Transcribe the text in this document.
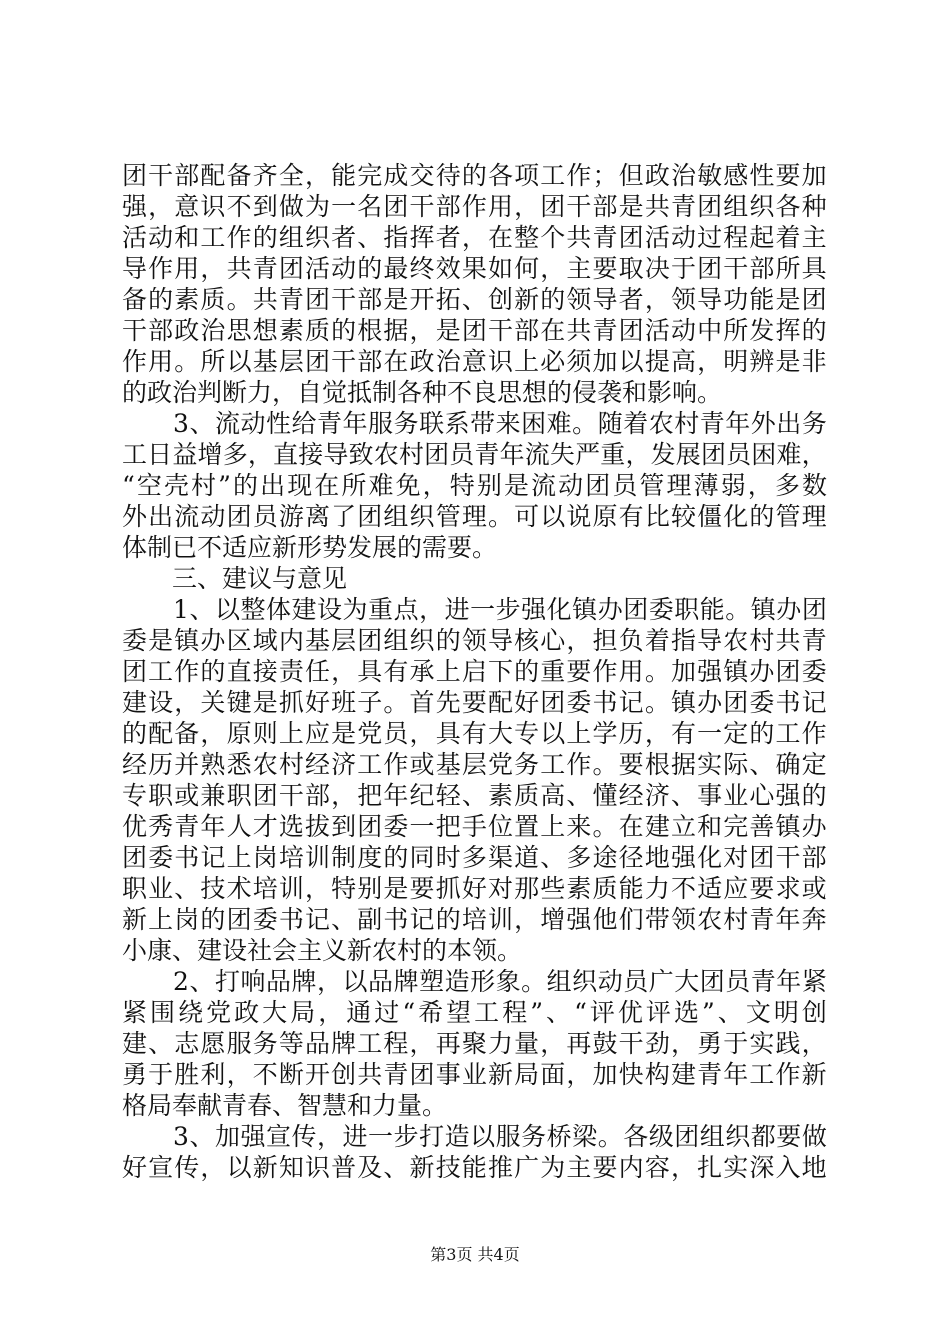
团 干 部 配 备 齐 全 ， 能 完 成 交 待 的 各 项 工 作 ； 但 政 治 敏 感 性 要 加
强 ， 意 识 不 到 做 为 一 名 团 干 部 作 用 ， 团 干 部 是 共 青 团 组 织 各 种
活 动 和 工 作 的 组 织 者 、 指 挥 者 ， 在 整 个 共 青 团 活 动 过 程 起 着 主
导 作 用 ， 共 青 团 活 动 的 最 终 效 果 如 何 ， 主 要 取 决 于 团 干 部 所 具
备 的 素 质 。 共 青 团 干 部 是 开 拓 、 创 新 的 领 导 者 ， 领 导 功 能 是 团
干 部 政 治 思 想 素 质 的 根 据 ， 是 团 干 部 在 共 青 团 活 动 中 所 发 挥 的
作 用 。 所 以 基 层 团 干 部 在 政 治 意 识 上 必 须 加 以 提 高 ， 明 辨 是 非
的政治判断力，自觉抵制各种不良思想的侵袭和影响。

3 、 流 动 性 给 青 年 服 务 联 系 带 来 困 难 。 随 着 农 村 青 年 外 出 务
工 日 益 增 多 ， 直 接 导 致 农 村 团 员 青 年 流 失 严 重 ， 发 展 团 员 困 难 ，
“ 空 壳 村 ” 的 出 现 在 所 难 免 ， 特 别 是 流 动 团 员 管 理 薄 弱 ， 多 数
外 出 流 动 团 员 游 离 了 团 组 织 管 理 。 可 以 说 原 有 比 较 僵 化 的 管 理
体制已不适应新形势发展的需要。
　　三、建议与意见

1 、 以 整 体 建 设 为 重 点 ， 进 一 步 强 化 镇 办 团 委 职 能 。 镇 办 团
委 是 镇 办 区 域 内 基 层 团 组 织 的 领 导 核 心 ， 担 负 着 指 导 农 村 共 青
团 工 作 的 直 接 责 任 ， 具 有 承 上 启 下 的 重 要 作 用 。 加 强 镇 办 团 委
建 设 ， 关 键 是 抓 好 班 子 。 首 先 要 配 好 团 委 书 记 。 镇 办 团 委 书 记
的 配 备 ， 原 则 上 应 是 党 员 ， 具 有 大 专 以 上 学 历 ， 有 一 定 的 工 作
经 历 并 熟 悉 农 村 经 济 工 作 或 基 层 党 务 工 作 。 要 根 据 实 际 、 确 定
专 职 或 兼 职 团 干 部 ， 把 年 纪 轻 、 素 质 高 、 懂 经 济 、 事 业 心 强 的
优 秀 青 年 人 才 选 拔 到 团 委 一 把 手 位 置 上 来 。 在 建 立 和 完 善 镇 办
团 委 书 记 上 岗 培 训 制 度 的 同 时 多 渠 道 、 多 途 径 地 强 化 对 团 干 部
职 业 、 技 术 培 训 ， 特 别 是 要 抓 好 对 那 些 素 质 能 力 不 适 应 要 求 或
新 上 岗 的 团 委 书 记 、 副 书 记 的 培 训 ， 增 强 他 们 带 领 农 村 青 年 奔
小康、建设社会主义新农村的本领。

2 、 打 响 品 牌 ， 以 品 牌 塑 造 形 象 。 组 织 动 员 广 大 团 员 青 年 紧
紧 围 绕 党 政 大 局 ， 通 过 “ 希 望 工 程 ” 、 “ 评 优 评 选 ” 、 文 明 创
建 、 志 愿 服 务 等 品 牌 工 程 ， 再 聚 力 量 ， 再 鼓 干 劲 ， 勇 于 实 践 ，
勇 于 胜 利 ， 不 断 开 创 共 青 团 事 业 新 局 面 ， 加 快 构 建 青 年 工 作 新
格局奉献青春、智慧和力量。

3 、 加 强 宣 传 ， 进 一 步 打 造 以 服 务 桥 梁 。 各 级 团 组 织 都 要 做
好 宣 传 ， 以 新 知 识 普 及 、 新 技 能 推 广 为 主 要 内 容 ， 扎 实 深 入 地
第3页 共4页
